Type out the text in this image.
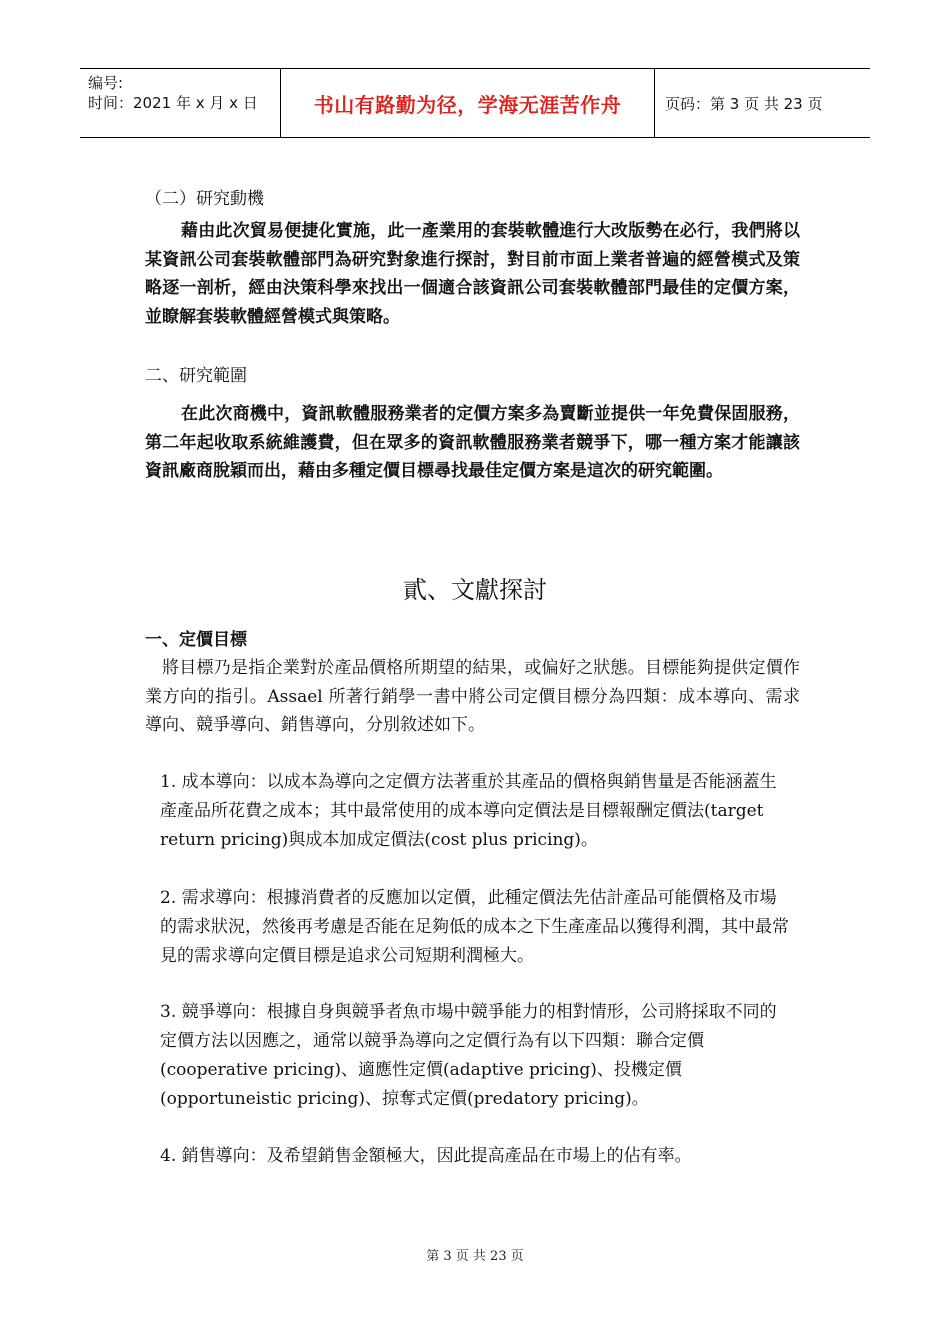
编号:
时间：2021 年 x 月 x 日	书山有路勤为径，学海无涯苦作舟	页码：第 3 页 共 23 页

（二）研究動機

藉由此次貿易便捷化實施，此一產業用的套裝軟體進行大改版勢在必行，我們將以某資訊公司套裝軟體部門為研究對象進行探討，對目前市面上業者普遍的經營模式及策略逐一剖析，經由決策科學來找出一個適合該資訊公司套裝軟體部門最佳的定價方案，並瞭解套裝軟體經營模式與策略。

二、研究範圍

在此次商機中，資訊軟體服務業者的定價方案多為賣斷並提供一年免費保固服務，第二年起收取系統維護費，但在眾多的資訊軟體服務業者競爭下，哪一種方案才能讓該資訊廠商脫穎而出，藉由多種定價目標尋找最佳定價方案是這次的研究範圍。

貳、文獻探討

一、定價目標

將目標乃是指企業對於產品價格所期望的結果，或偏好之狀態。目標能夠提供定價作業方向的指引。Assael 所著行銷學一書中將公司定價目標分為四類：成本導向、需求導向、競爭導向、銷售導向，分別敘述如下。

1. 成本導向：以成本為導向之定價方法著重於其產品的價格與銷售量是否能涵蓋生產產品所花費之成本；其中最常使用的成本導向定價法是目標報酬定價法(target return pricing)與成本加成定價法(cost plus pricing)。

2. 需求導向：根據消費者的反應加以定價，此種定價法先估計產品可能價格及市場的需求狀況，然後再考慮是否能在足夠低的成本之下生產產品以獲得利潤，其中最常見的需求導向定價目標是追求公司短期利潤極大。

3. 競爭導向：根據自身與競爭者魚市場中競爭能力的相對情形，公司將採取不同的定價方法以因應之，通常以競爭為導向之定價行為有以下四類：聯合定價(cooperative pricing)、適應性定價(adaptive pricing)、投機定價(opportuneistic pricing)、掠奪式定價(predatory pricing)。

4. 銷售導向：及希望銷售金額極大，因此提高產品在市場上的佔有率。

第 3 页 共 23 页
